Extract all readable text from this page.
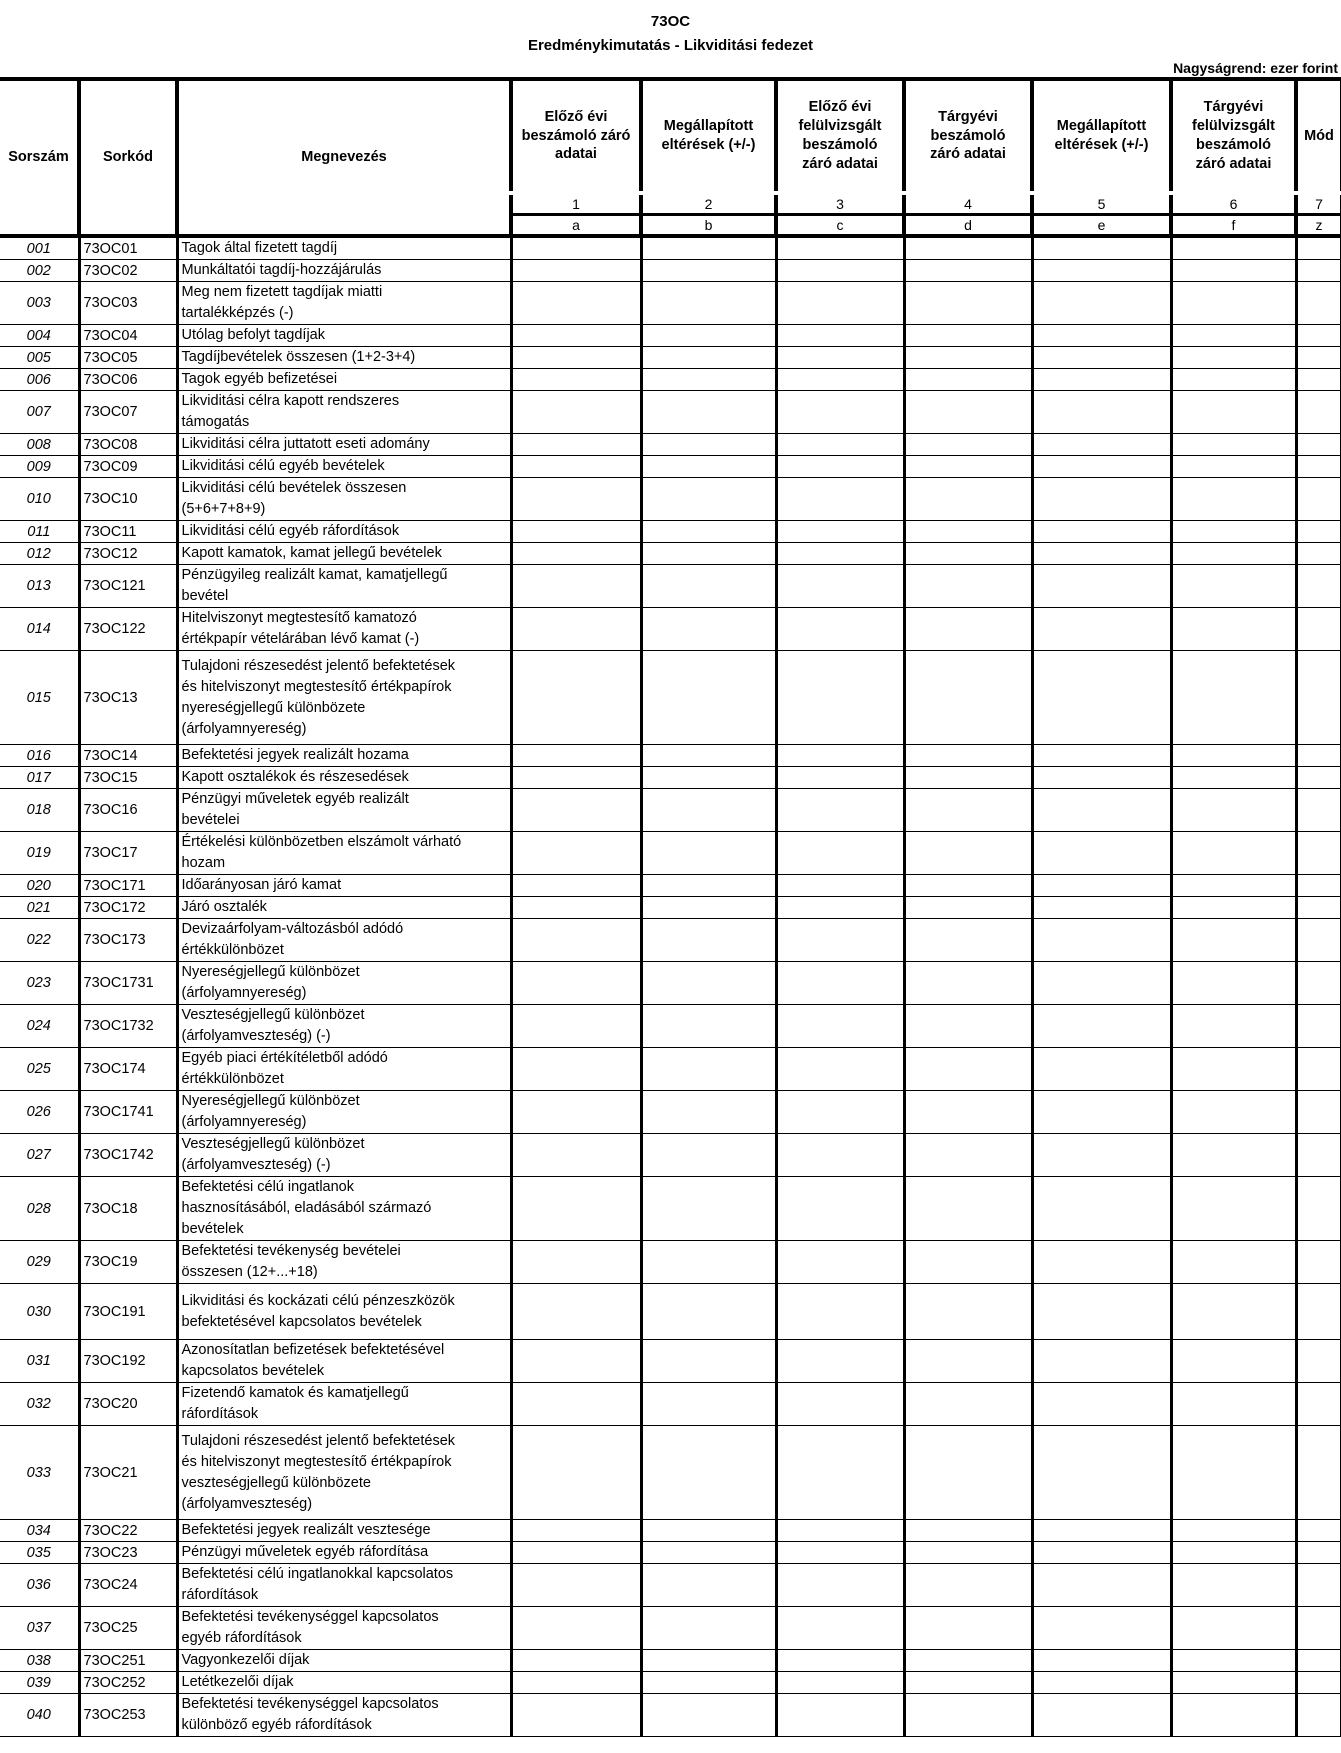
73OC
Eredménykimutatás - Likviditási fedezet
Nagyságrend: ezer forint
Sorszám	Sorkód	Megnevezés	Előző évi
beszámoló záró
adatai	Megállapított
eltérések (+/-)	Előző évi
felülvizsgált
beszámoló
záró adatai	Tárgyévi
beszámoló
záró adatai	Megállapított
eltérések (+/-)	Tárgyévi
felülvizsgált
beszámoló
záró adatai	Mód
			1	2	3	4	5	6	7
			a	b	c	d	e	f	z
001	73OC01	Tagok által fizetett tagdíj							
002	73OC02	Munkáltatói tagdíj-hozzájárulás							
003	73OC03	Meg nem fizetett tagdíjak miatti
tartalékképzés (-)							
004	73OC04	Utólag befolyt tagdíjak							
005	73OC05	Tagdíjbevételek összesen (1+2-3+4)							
006	73OC06	Tagok egyéb befizetései							
007	73OC07	Likviditási célra kapott rendszeres
támogatás							
008	73OC08	Likviditási célra juttatott eseti adomány							
009	73OC09	Likviditási célú egyéb bevételek							
010	73OC10	Likviditási célú bevételek összesen
(5+6+7+8+9)							
011	73OC11	Likviditási célú egyéb ráfordítások							
012	73OC12	Kapott kamatok, kamat jellegű bevételek							
013	73OC121	Pénzügyileg realizált kamat, kamatjellegű
bevétel							
014	73OC122	Hitelviszonyt megtestesítő kamatozó
értékpapír vételárában lévő kamat (-)							
015	73OC13	Tulajdoni részesedést jelentő befektetések
és hitelviszonyt megtestesítő értékpapírok
nyereségjellegű különbözete
(árfolyamnyereség)							
016	73OC14	Befektetési jegyek realizált hozama							
017	73OC15	Kapott osztalékok és részesedések							
018	73OC16	Pénzügyi műveletek egyéb realizált
bevételei							
019	73OC17	Értékelési különbözetben elszámolt várható
hozam							
020	73OC171	Időarányosan járó kamat							
021	73OC172	Járó osztalék							
022	73OC173	Devizaárfolyam-változásból adódó
értékkülönbözet							
023	73OC1731	Nyereségjellegű különbözet
(árfolyamnyereség)							
024	73OC1732	Veszteségjellegű különbözet
(árfolyamveszteség) (-)							
025	73OC174	Egyéb piaci értékítéletből adódó
értékkülönbözet							
026	73OC1741	Nyereségjellegű különbözet
(árfolyamnyereség)							
027	73OC1742	Veszteségjellegű különbözet
(árfolyamveszteség) (-)							
028	73OC18	Befektetési célú ingatlanok
hasznosításából, eladásából származó
bevételek							
029	73OC19	Befektetési tevékenység bevételei
összesen (12+...+18)							
030	73OC191	Likviditási és kockázati célú pénzeszközök
befektetésével kapcsolatos bevételek							
031	73OC192	Azonosítatlan befizetések befektetésével
kapcsolatos bevételek							
032	73OC20	Fizetendő kamatok és kamatjellegű
ráfordítások							
033	73OC21	Tulajdoni részesedést jelentő befektetések
és hitelviszonyt megtestesítő értékpapírok
veszteségjellegű különbözete
(árfolyamveszteség)							
034	73OC22	Befektetési jegyek realizált vesztesége							
035	73OC23	Pénzügyi műveletek egyéb ráfordítása							
036	73OC24	Befektetési célú ingatlanokkal kapcsolatos
ráfordítások							
037	73OC25	Befektetési tevékenységgel kapcsolatos
egyéb ráfordítások							
038	73OC251	Vagyonkezelői díjak							
039	73OC252	Letétkezelői díjak							
040	73OC253	Befektetési tevékenységgel kapcsolatos
különböző egyéb ráfordítások							
